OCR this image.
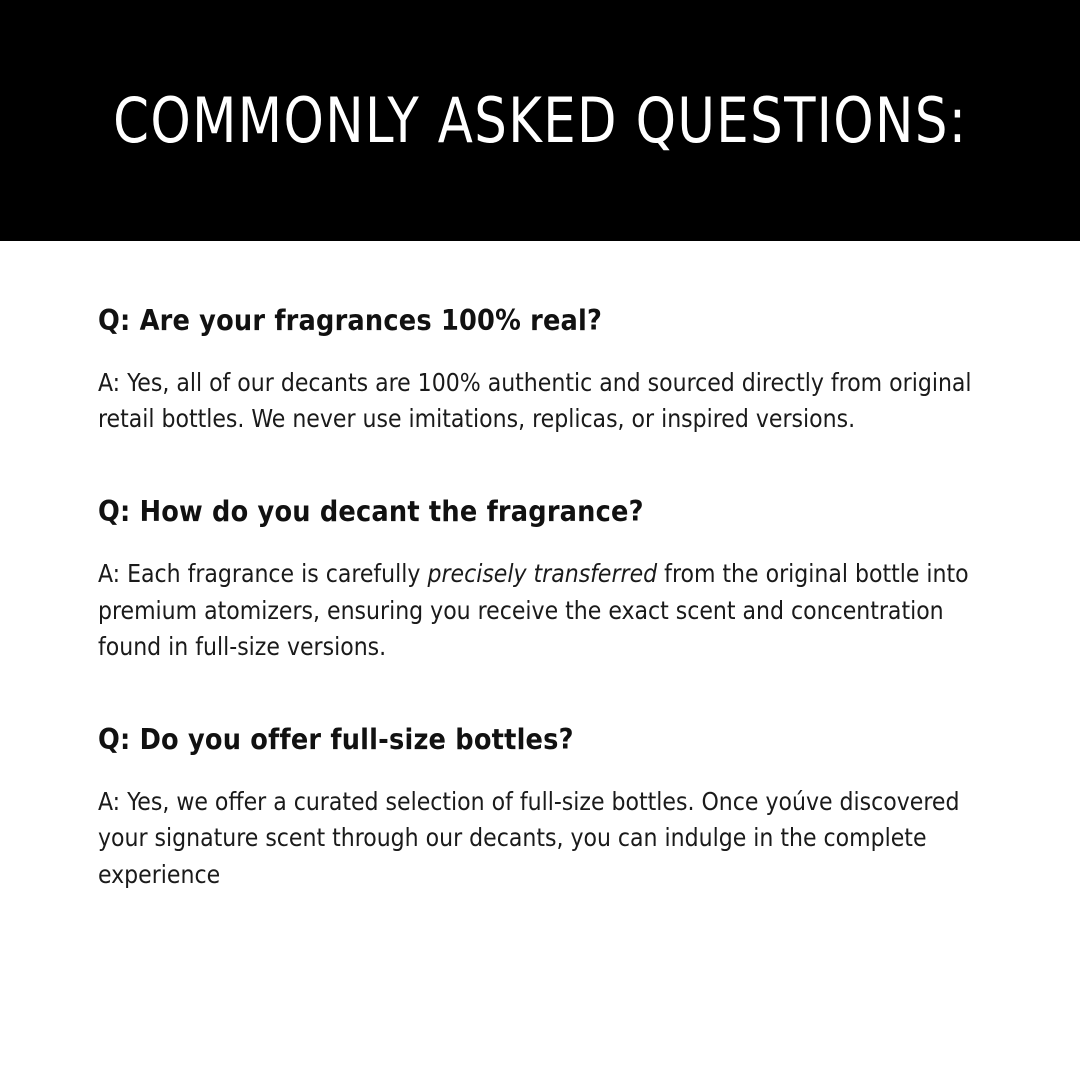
COMMONLY ASKED QUESTIONS:
Q: Are your fragrances 100% real?

A: Yes, all of our decants are 100% authentic and sourced directly from original retail bottles. We never use imitations, replicas, or inspired versions.

Q: How do you decant the fragrance?

A: Each fragrance is carefully precisely transferred from the original bottle into premium atomizers, ensuring you receive the exact scent and concentration found in full-size versions.

Q: Do you offer full-size bottles?

A: Yes, we offer a curated selection of full-size bottles. Once yoúve discovered your signature scent through our decants, you can indulge in the complete experience
